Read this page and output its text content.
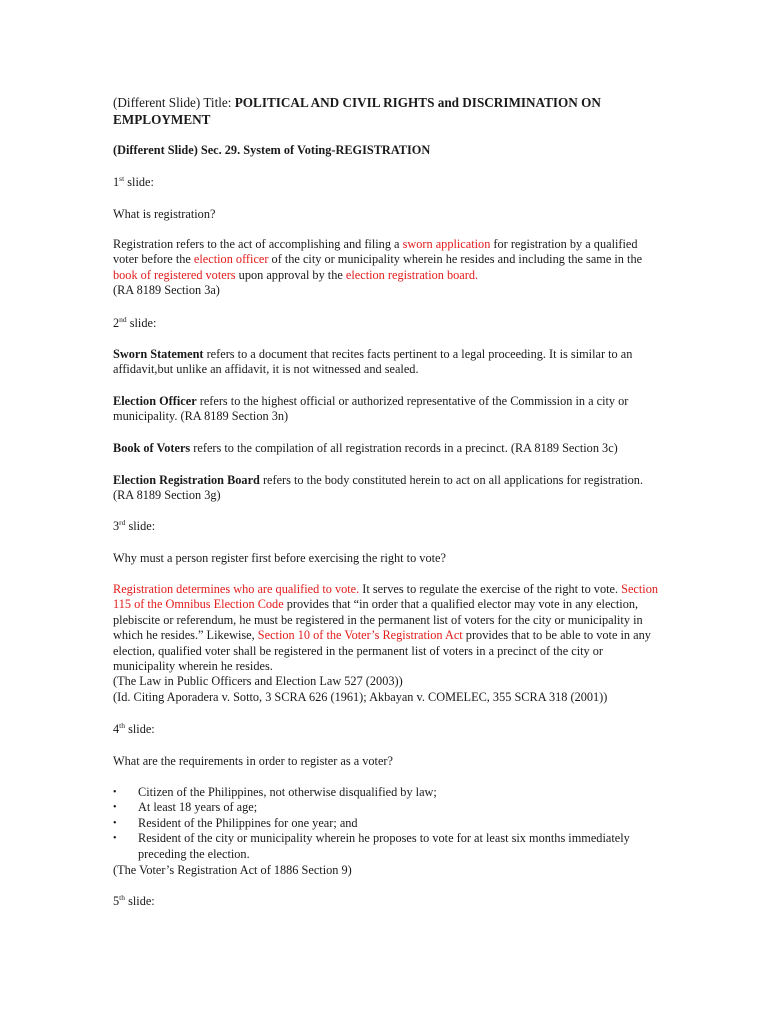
(Different Slide) Title: POLITICAL AND CIVIL RIGHTS and DISCRIMINATION ON EMPLOYMENT

(Different Slide) Sec. 29. System of Voting-REGISTRATION

1st slide:

What is registration?

Registration refers to the act of accomplishing and filing a sworn application for registration by a qualified voter before the election officer of the city or municipality wherein he resides and including the same in the book of registered voters upon approval by the election registration board.
(RA 8189 Section 3a)

2nd slide:

Sworn Statement refers to a document that recites facts pertinent to a legal proceeding. It is similar to an affidavit,but unlike an affidavit, it is not witnessed and sealed.

Election Officer refers to the highest official or authorized representative of the Commission in a city or municipality. (RA 8189 Section 3n)

Book of Voters refers to the compilation of all registration records in a precinct. (RA 8189 Section 3c)

Election Registration Board refers to the body constituted herein to act on all applications for registration. (RA 8189 Section 3g)

3rd slide:

Why must a person register first before exercising the right to vote?

Registration determines who are qualified to vote. It serves to regulate the exercise of the right to vote. Section 115 of the Omnibus Election Code provides that “in order that a qualified elector may vote in any election, plebiscite or referendum, he must be registered in the permanent list of voters for the city or municipality in which he resides.” Likewise, Section 10 of the Voter’s Registration Act provides that to be able to vote in any election, qualified voter shall be registered in the permanent list of voters in a precinct of the city or municipality wherein he resides.
(The Law in Public Officers and Election Law 527 (2003))
(Id. Citing Aporadera v. Sotto, 3 SCRA 626 (1961); Akbayan v. COMELEC, 355 SCRA 318 (2001))

4th slide:

What are the requirements in order to register as a voter?

• Citizen of the Philippines, not otherwise disqualified by law;
• At least 18 years of age;
• Resident of the Philippines for one year; and
• Resident of the city or municipality wherein he proposes to vote for at least six months immediately preceding the election.

(The Voter’s Registration Act of 1886 Section 9)

5th slide:
